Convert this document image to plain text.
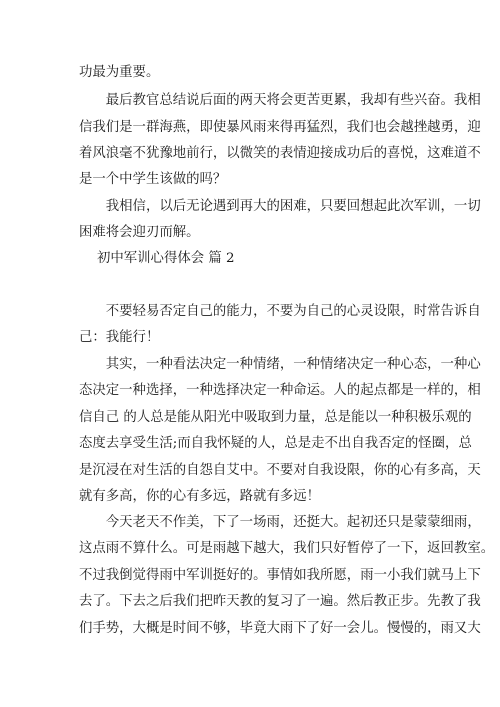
功最为重要。
　　最后教官总结说后面的两天将会更苦更累，我却有些兴奋。我相
信我们是一群海燕，即使暴风雨来得再猛烈，我们也会越挫越勇，迎
着风浪毫不犹豫地前行，以微笑的表情迎接成功后的喜悦，这难道不
是一个中学生该做的吗？
　　我相信，以后无论遇到再大的困难，只要回想起此次军训，一切
困难将会迎刃而解。
初中军训心得体会 篇 2
　　不要轻易否定自己的能力，不要为自己的心灵设限，时常告诉自
己：我能行！
　　其实，一种看法决定一种情绪，一种情绪决定一种心态，一种心
态决定一种选择，一种选择决定一种命运。人的起点都是一样的，相
信自己 的人总是能从阳光中吸取到力量，总是能以一种积极乐观的
态度去享受生活;而自我怀疑的人，总是走不出自我否定的怪圈，总
是沉浸在对生活的自怨自艾中。不要对自我设限，你的心有多高，天
就有多高，你的心有多远，路就有多远！
　　今天老天不作美，下了一场雨，还挺大。起初还只是蒙蒙细雨，
这点雨不算什么。可是雨越下越大，我们只好暂停了一下，返回教室。
不过我倒觉得雨中军训挺好的。事情如我所愿，雨一小我们就马上下
去了。下去之后我们把昨天教的复习了一遍。然后教正步。先教了我
们手势，大概是时间不够，毕竟大雨下了好一会儿。慢慢的，雨又大
